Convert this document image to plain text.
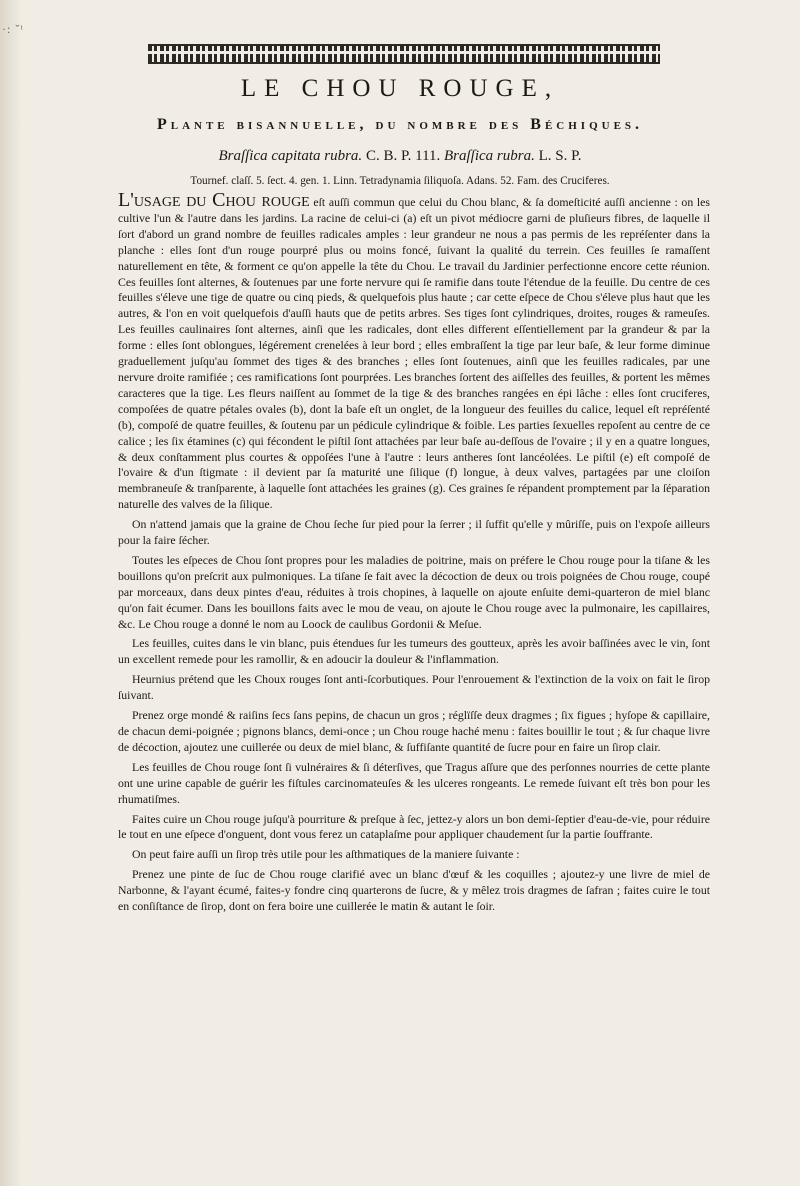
·: ˇᵗ
LE CHOU ROUGE,
Plante bisannuelle, du nombre des Béchiques.

Braſſica capitata rubra. C. B. P. 111. Braſſica rubra. L. S. P.

Tournef. claſſ. 5. ſect. 4. gen. 1. Linn. Tetradynamia ſiliquoſa. Adans. 52. Fam. des Cruciferes.

L'usage du Chou rouge eſt auſſi commun que celui du Chou blanc, & ſa domeſticité auſſi ancienne : on les cultive l'un & l'autre dans les jardins. La racine de celui-ci (a) eſt un pivot médiocre garni de pluſieurs fibres, de laquelle il ſort d'abord un grand nombre de feuilles radicales amples : leur grandeur ne nous a pas permis de les repréſenter dans la planche : elles ſont d'un rouge pourpré plus ou moins foncé, ſuivant la qualité du terrein. Ces feuilles ſe ramaſſent naturellement en tête, & forment ce qu'on appelle la tête du Chou. Le travail du Jardinier perfectionne encore cette réunion. Ces feuilles ſont alternes, & ſoutenues par une forte nervure qui ſe ramifie dans toute l'étendue de la feuille. Du centre de ces feuilles s'éleve une tige de quatre ou cinq pieds, & quelquefois plus haute ; car cette eſpece de Chou s'éleve plus haut que les autres, & l'on en voit quelquefois d'auſſi hauts que de petits arbres. Ses tiges ſont cylindriques, droites, rouges & rameuſes. Les feuilles caulinaires ſont alternes, ainſi que les radicales, dont elles different eſſentiellement par la grandeur & par la forme : elles ſont oblongues, légérement crenelées à leur bord ; elles embraſſent la tige par leur baſe, & leur forme diminue graduellement juſqu'au ſommet des tiges & des branches ; elles ſont ſoutenues, ainſi que les feuilles radicales, par une nervure droite ramifiée ; ces ramifications ſont pourprées. Les branches ſortent des aiſſelles des feuilles, & portent les mêmes caracteres que la tige. Les fleurs naiſſent au ſommet de la tige & des branches rangées en épi lâche : elles ſont cruciferes, compoſées de quatre pétales ovales (b), dont la baſe eſt un onglet, de la longueur des feuilles du calice, lequel eſt repréſenté (b), compoſé de quatre feuilles, & ſoutenu par un pédicule cylindrique & foible. Les parties ſexuelles repoſent au centre de ce calice ; les ſix étamines (c) qui fécondent le piſtil ſont attachées par leur baſe au-deſſous de l'ovaire ; il y en a quatre longues, & deux conſtamment plus courtes & oppoſées l'une à l'autre : leurs antheres ſont lancéolées. Le piſtil (e) eſt compoſé de l'ovaire & d'un ſtigmate : il devient par ſa maturité une ſilique (f) longue, à deux valves, partagées par une cloiſon membraneuſe & tranſparente, à laquelle ſont attachées les graines (g). Ces graines ſe répandent promptement par la ſéparation naturelle des valves de la ſilique.

On n'attend jamais que la graine de Chou ſeche ſur pied pour la ſerrer ; il ſuffit qu'elle y mûriſſe, puis on l'expoſe ailleurs pour la faire ſécher.

Toutes les eſpeces de Chou ſont propres pour les maladies de poitrine, mais on préfere le Chou rouge pour la tiſane & les bouillons qu'on preſcrit aux pulmoniques. La tiſane ſe fait avec la décoction de deux ou trois poignées de Chou rouge, coupé par morceaux, dans deux pintes d'eau, réduites à trois chopines, à laquelle on ajoute enſuite demi-quarteron de miel blanc qu'on fait écumer. Dans les bouillons faits avec le mou de veau, on ajoute le Chou rouge avec la pulmonaire, les capillaires, &c. Le Chou rouge a donné le nom au Loock de caulibus Gordonii & Meſue.

Les feuilles, cuites dans le vin blanc, puis étendues ſur les tumeurs des goutteux, après les avoir baſſinées avec le vin, ſont un excellent remede pour les ramollir, & en adoucir la douleur & l'inflammation.

Heurnius prétend que les Choux rouges ſont anti-ſcorbutiques. Pour l'enrouement & l'extinction de la voix on fait le ſirop ſuivant.

Prenez orge mondé & raiſins ſecs ſans pepins, de chacun un gros ; réglïſſe deux dragmes ; ſix figues ; hyſope & capillaire, de chacun demi-poignée ; pignons blancs, demi-once ; un Chou rouge haché menu : faites bouillir le tout ; & ſur chaque livre de décoction, ajoutez une cuillerée ou deux de miel blanc, & ſuffiſante quantité de ſucre pour en faire un ſirop clair.

Les feuilles de Chou rouge ſont ſi vulnéraires & ſi déterſives, que Tragus aſſure que des perſonnes nourries de cette plante ont une urine capable de guérir les fiſtules carcinomateuſes & les ulceres rongeants. Le remede ſuivant eſt très bon pour les rhumatiſmes.

Faites cuire un Chou rouge juſqu'à pourriture & preſque à ſec, jettez-y alors un bon demi-ſeptier d'eau-de-vie, pour réduire le tout en une eſpece d'onguent, dont vous ferez un cataplaſme pour appliquer chaudement ſur la partie ſouffrante.

On peut faire auſſi un ſirop très utile pour les aſthmatiques de la maniere ſuivante :

Prenez une pinte de ſuc de Chou rouge clarifié avec un blanc d'œuf & les coquilles ; ajoutez-y une livre de miel de Narbonne, & l'ayant écumé, faites-y fondre cinq quarterons de ſucre, & y mêlez trois dragmes de ſafran ; faites cuire le tout en conſiſtance de ſirop, dont on fera boire une cuillerée le matin & autant le ſoir.
